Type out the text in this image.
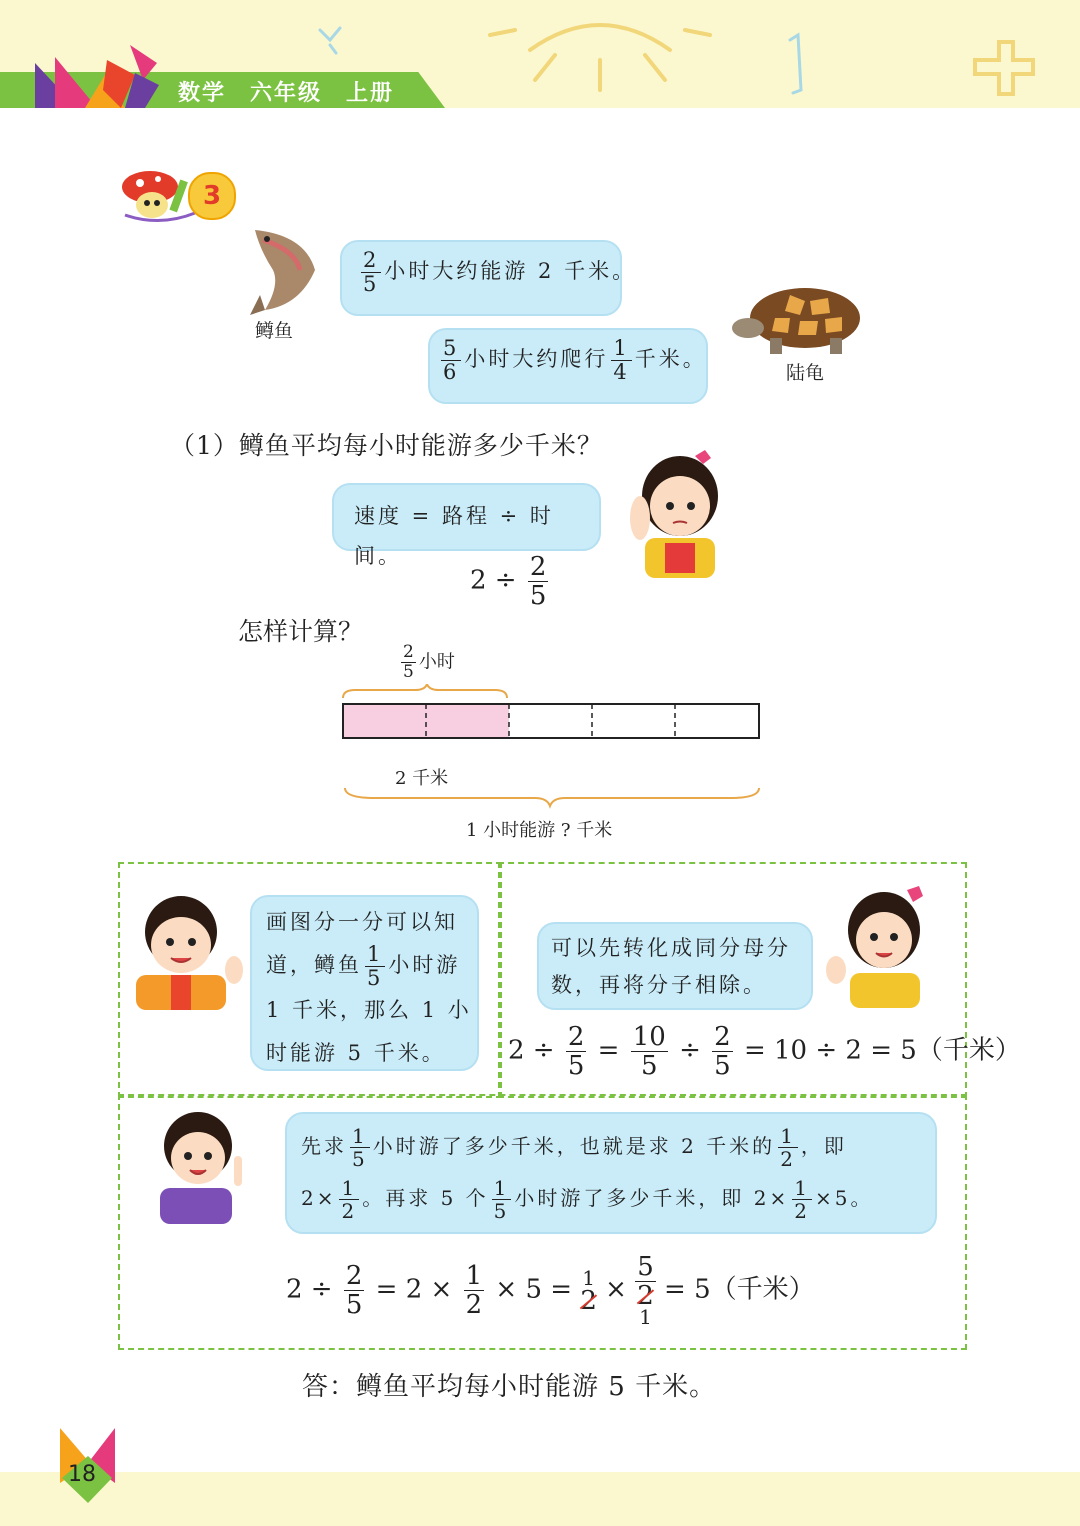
数学　六年级　上册
3
鳟鱼
$\frac{2}{5}$ 小时大约能游 2 千米。
$\frac{5}{6}$ 小时大约爬行 $\frac{1}{4}$ 千米。
陆龟
（1）鳟鱼平均每小时能游多少千米？
速度 = 路程 ÷ 时间。
$2 \div \frac{2}{5}$
怎样计算？
$\frac{2}{5}$ 小时
2 千米
1 小时能游 ? 千米
画图分一分可以知
道，鳟鱼 $\frac{1}{5}$ 小时游
1 千米，那么 1 小
时能游 5 千米。
可以先转化成同分母分
数，再将分子相除。
$2 \div \frac{2}{5} = \frac{10}{5} \div \frac{2}{5} = 10 \div 2 = 5$（千米）
先求 $\frac{1}{5}$ 小时游了多少千米，也就是求 2 千米的 $\frac{1}{2}$ ，即
$2\times \frac{1}{2}$ 。再求 5 个 $\frac{1}{5}$ 小时游了多少千米，即 $2\times \frac{1}{2} \times 5$。
$2 \div \frac{2}{5} = 2 \times \frac{1}{2} \times 5 = 1$
2 ×
5
2
1
= 5（千米）
答：鳟鱼平均每小时能游 5 千米。
18
